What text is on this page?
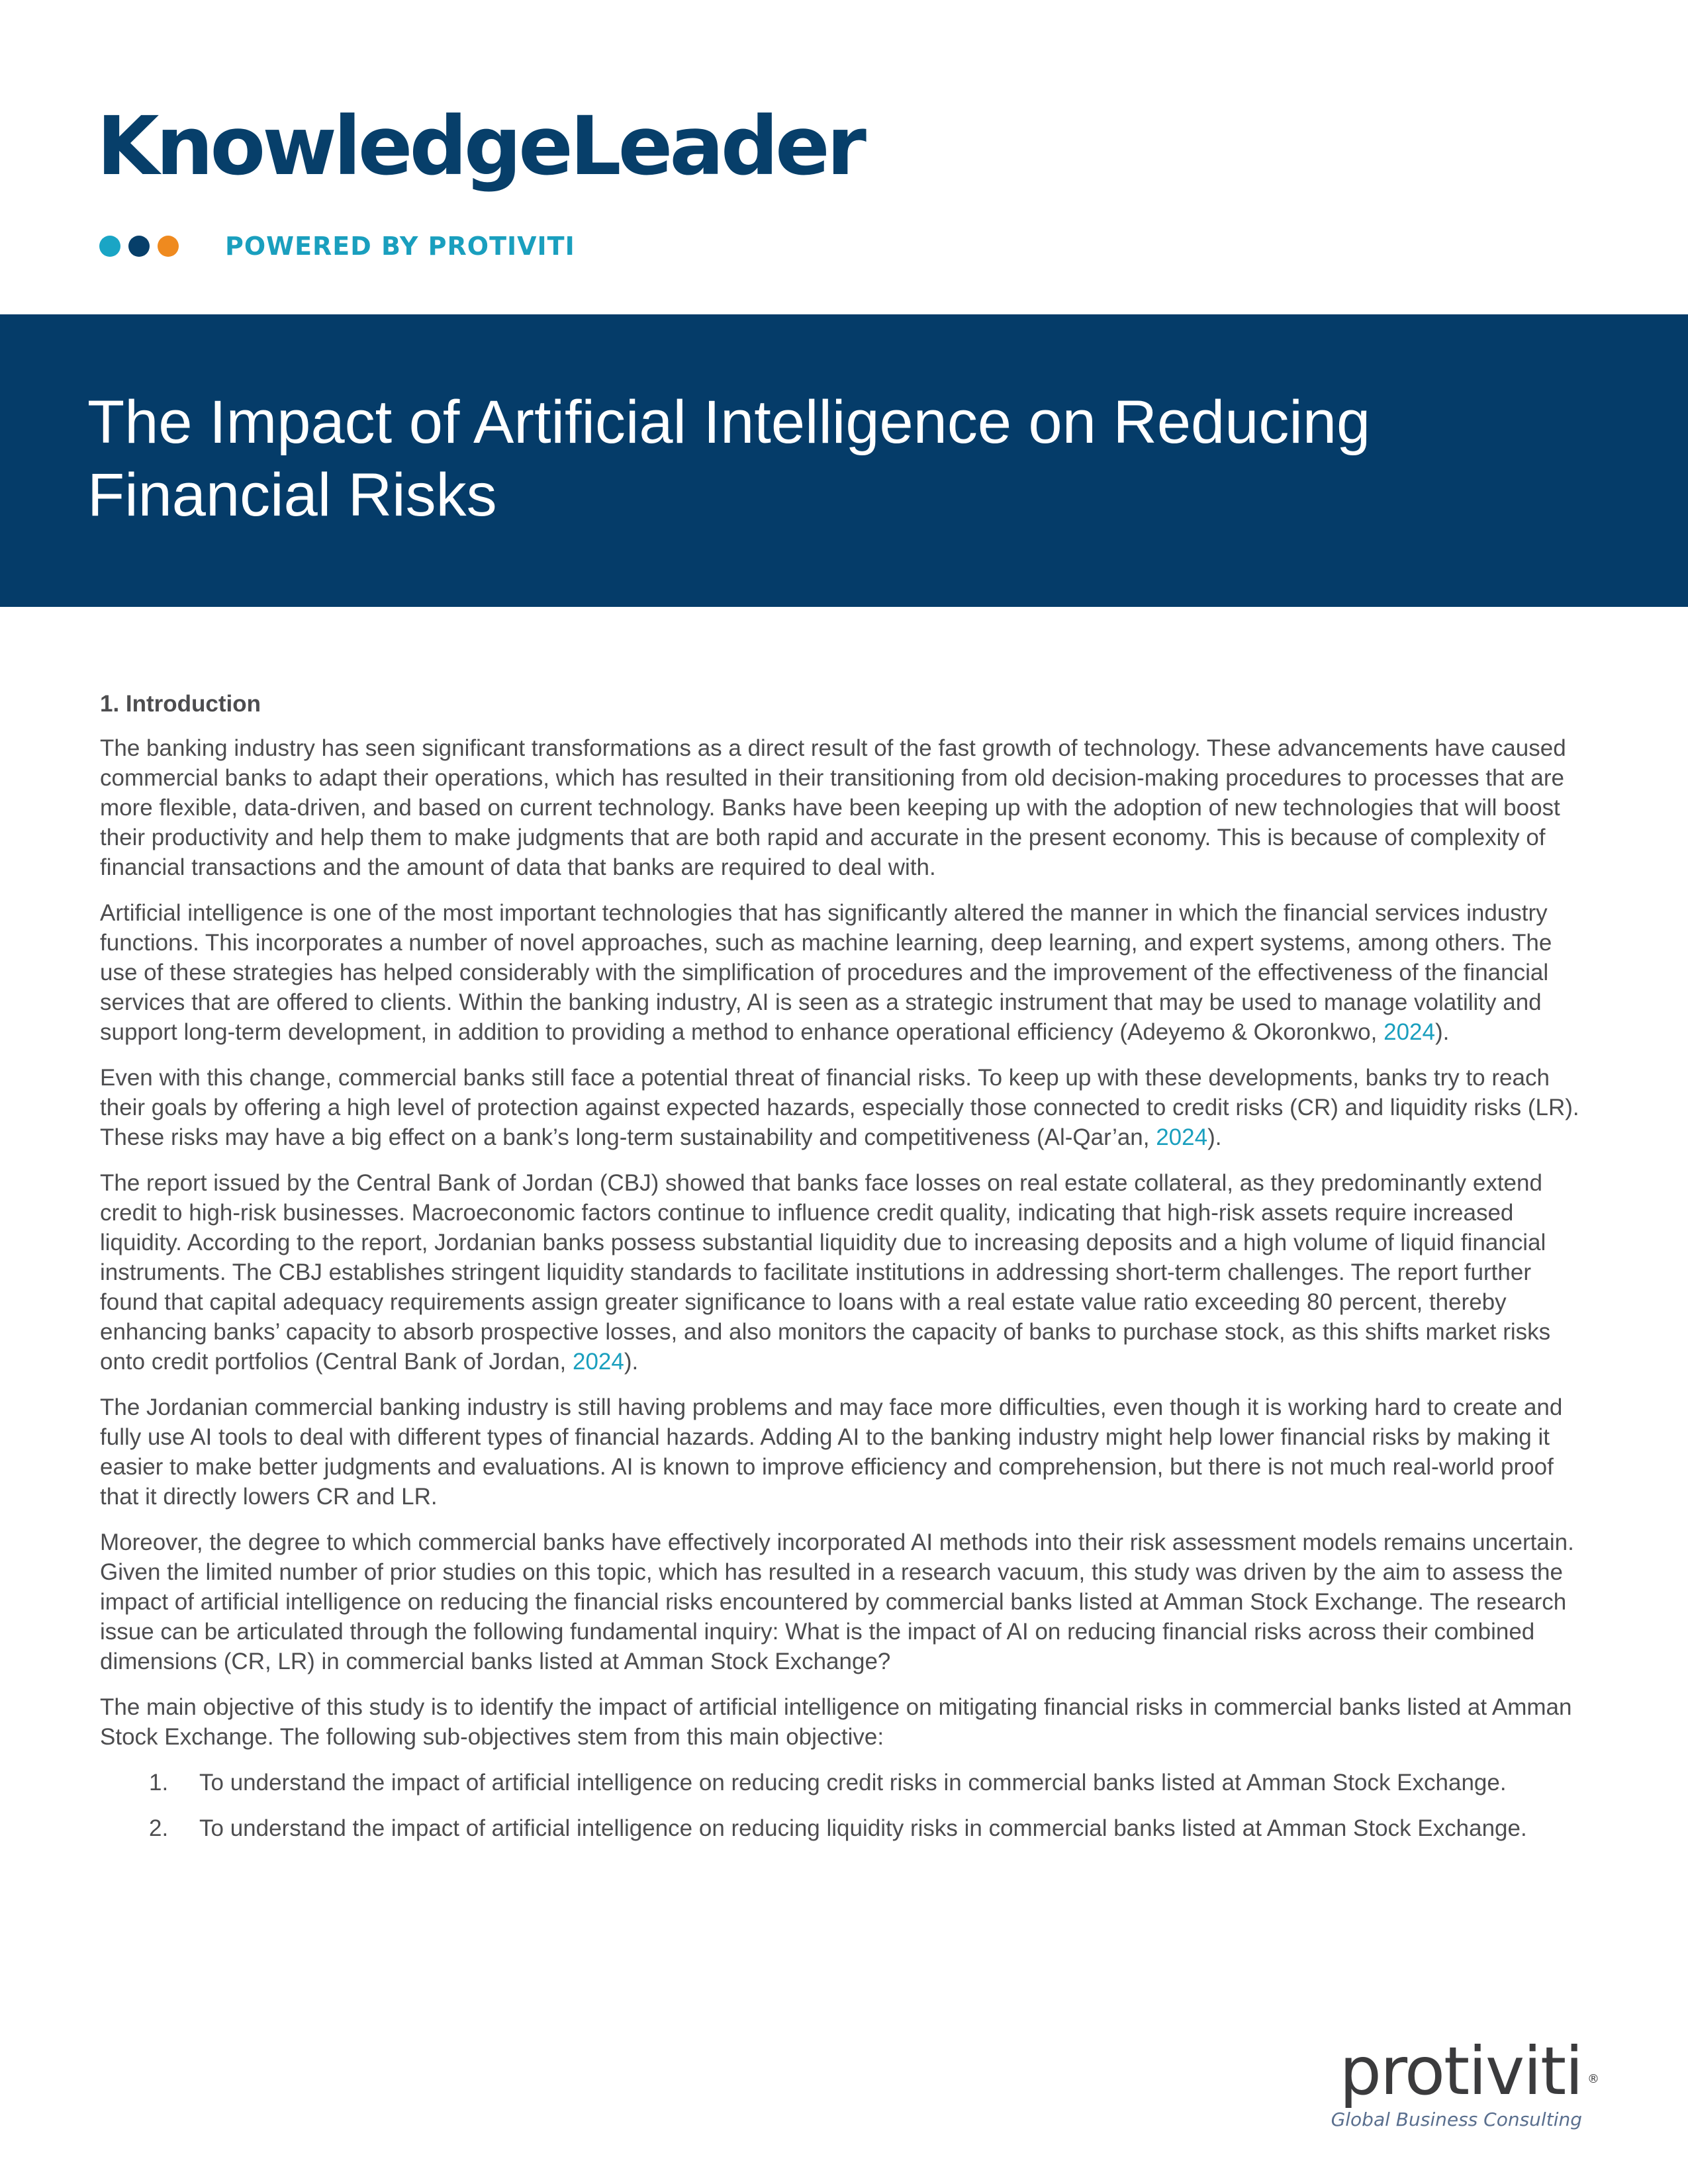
KnowledgeLeader
POWERED BY PROTIVITI
The Impact of Artificial Intelligence on Reducing Financial Risks
1. Introduction

The banking industry has seen significant transformations as a direct result of the fast growth of technology. These advancements have caused commercial banks to adapt their operations, which has resulted in their transitioning from old decision-making procedures to processes that are more flexible, data-driven, and based on current technology. Banks have been keeping up with the adoption of new technologies that will boost their productivity and help them to make judgments that are both rapid and accurate in the present economy. This is because of complexity of financial transactions and the amount of data that banks are required to deal with.

Artificial intelligence is one of the most important technologies that has significantly altered the manner in which the financial services industry functions. This incorporates a number of novel approaches, such as machine learning, deep learning, and expert systems, among others. The use of these strategies has helped considerably with the simplification of procedures and the improvement of the effectiveness of the financial services that are offered to clients. Within the banking industry, AI is seen as a strategic instrument that may be used to manage volatility and support long-term development, in addition to providing a method to enhance operational efficiency (Adeyemo & Okoronkwo, 2024).

Even with this change, commercial banks still face a potential threat of financial risks. To keep up with these developments, banks try to reach their goals by offering a high level of protection against expected hazards, especially those connected to credit risks (CR) and liquidity risks (LR). These risks may have a big effect on a bank’s long-term sustainability and competitiveness (Al-Qar’an, 2024).

The report issued by the Central Bank of Jordan (CBJ) showed that banks face losses on real estate collateral, as they predominantly extend credit to high-risk businesses. Macroeconomic factors continue to influence credit quality, indicating that high-risk assets require increased liquidity. According to the report, Jordanian banks possess substantial liquidity due to increasing deposits and a high volume of liquid financial instruments. The CBJ establishes stringent liquidity standards to facilitate institutions in addressing short-term challenges. The report further found that capital adequacy requirements assign greater significance to loans with a real estate value ratio exceeding 80 percent, thereby enhancing banks’ capacity to absorb prospective losses, and also monitors the capacity of banks to purchase stock, as this shifts market risks onto credit portfolios (Central Bank of Jordan, 2024).

The Jordanian commercial banking industry is still having problems and may face more difficulties, even though it is working hard to create and fully use AI tools to deal with different types of financial hazards. Adding AI to the banking industry might help lower financial risks by making it easier to make better judgments and evaluations. AI is known to improve efficiency and comprehension, but there is not much real-world proof that it directly lowers CR and LR.

Moreover, the degree to which commercial banks have effectively incorporated AI methods into their risk assessment models remains uncertain. Given the limited number of prior studies on this topic, which has resulted in a research vacuum, this study was driven by the aim to assess the impact of artificial intelligence on reducing the financial risks encountered by commercial banks listed at Amman Stock Exchange. The research issue can be articulated through the following fundamental inquiry: What is the impact of AI on reducing financial risks across their combined dimensions (CR, LR) in commercial banks listed at Amman Stock Exchange?

The main objective of this study is to identify the impact of artificial intelligence on mitigating financial risks in commercial banks listed at Amman Stock Exchange. The following sub-objectives stem from this main objective:

1. To understand the impact of artificial intelligence on reducing credit risks in commercial banks listed at Amman Stock Exchange.
2. To understand the impact of artificial intelligence on reducing liquidity risks in commercial banks listed at Amman Stock Exchange.
protiviti ®
Global Business Consulting
